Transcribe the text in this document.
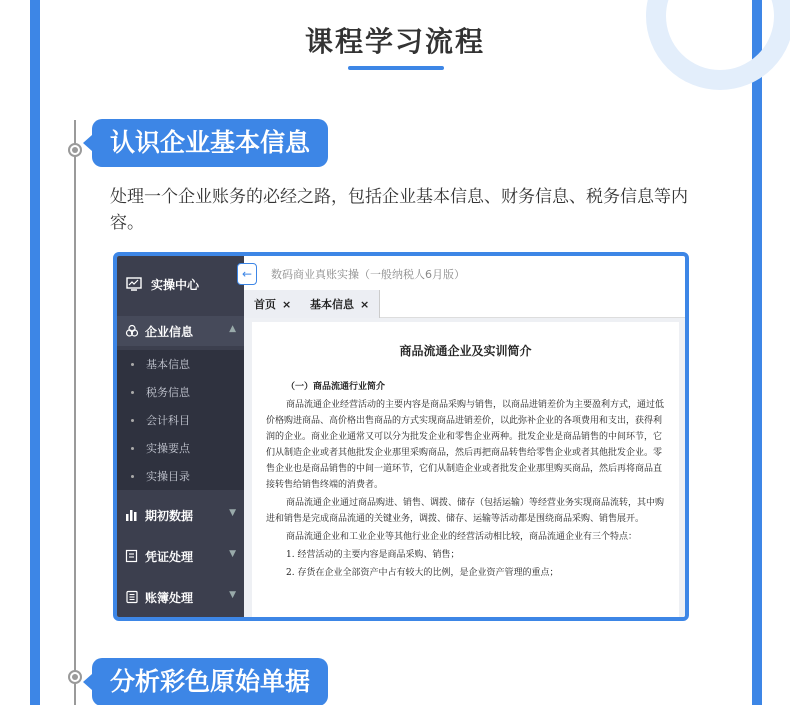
课程学习流程
认识企业基本信息
处理一个企业账务的必经之路，包括企业基本信息、财务信息、税务信息等内容。
实操中心
企业信息	▲
基本信息
税务信息
会计科目
实操要点
实操目录
期初数据	▼
凭证处理	▼
账簿处理	▼
←	数码商业真账实操（一般纳税人6月版）
首页 × 基本信息 ×
商品流通企业及实训简介
（一）商品流通行业简介
商品流通企业经营活动的主要内容是商品采购与销售，以商品进销差价为主要盈利方式，通过低价格购进商品、高价格出售商品的方式实现商品进销差价，以此弥补企业的各项费用和支出，获得利润的企业。商业企业通常又可以分为批发企业和零售企业两种。批发企业是商品销售的中间环节，它们从制造企业或者其他批发企业那里采购商品，然后再把商品转售给零售企业或者其他批发企业。零售企业也是商品销售的中间一道环节，它们从制造企业或者批发企业那里购买商品，然后再将商品直接转售给销售终端的消费者。
商品流通企业通过商品购进、销售、调拨、储存（包括运输）等经营业务实现商品流转，其中购进和销售是完成商品流通的关键业务，调拨、储存、运输等活动都是围绕商品采购、销售展开。
商品流通企业和工业企业等其他行业企业的经营活动相比较，商品流通企业有三个特点：
1. 经营活动的主要内容是商品采购、销售；
2. 存货在企业全部资产中占有较大的比例，是企业资产管理的重点；
分析彩色原始单据
